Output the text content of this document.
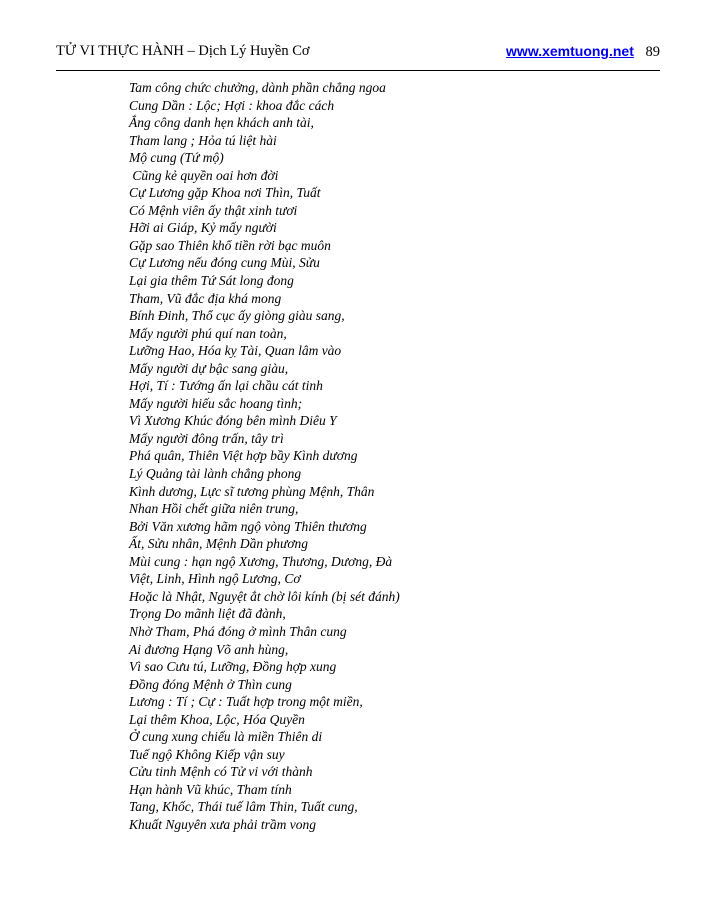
TỬ VI THỰC HÀNH – Dịch Lý Huyền Cơ	www.xemtuong.net 89
Tam công chức chưởng, dành phần chẳng ngoa
Cung Dần : Lộc; Hợi : khoa đắc cách
Ắng công danh hẹn khách anh tài,
Tham lang ; Hỏa tú liệt hài
Mộ cung (Tứ mộ)
Cũng kẻ quyền oai hơn đời
Cự Lương gặp Khoa nơi Thìn, Tuất
Có Mệnh viên ấy thật xinh tươi
Hỡi ai Giáp, Kỷ mấy người
Gặp sao Thiên khổ tiền rời bạc muôn
Cự Lương nếu đóng cung Mùi, Sửu
Lại gia thêm Tứ Sát long đong
Tham, Vũ đắc địa khá mong
Bính Đinh, Thổ cục ấy giòng giàu sang,
Mấy người phú quí nan toàn,
Lưỡng Hao, Hóa kỵ Tài, Quan lâm vào
Mấy người dự bậc sang giàu,
Hợi, Tí : Tướng ấn lại chầu cát tinh
Mấy người hiếu sắc hoang tình;
Vì Xương Khúc đóng bên mình Diêu Y
Mấy người đông trấn, tây trì
Phá quân, Thiên Việt hợp bầy Kình dương
Lý Quảng tài lành chẳng phong
Kình dương, Lực sĩ tương phùng Mệnh, Thân
Nhan Hồi chết giữa niên trung,
Bởi Văn xương hãm ngộ vòng Thiên thương
Ất, Sửu nhân, Mệnh Dần phương
Mùi cung : hạn ngộ Xương, Thương, Dương, Đà
Việt, Linh, Hình ngộ Lương, Cơ
Hoặc là Nhật, Nguyệt ắt chờ lôi kính (bị sét đánh)
Trọng Do mãnh liệt đã đành,
Nhờ Tham, Phá đóng ở mình Thân cung
Ai đương Hạng Võ anh hùng,
Vì sao Cưu tú, Lưỡng, Đồng hợp xung
Đồng đóng Mệnh ở Thìn cung
Lương : Tí ; Cự : Tuất hợp trong một miền,
Lại thêm Khoa, Lộc, Hóa Quyền
Ở cung xung chiếu là miền Thiên di
Tuế ngộ Không Kiếp vận suy
Cửu tinh Mệnh có Tử vi với thành
Hạn hành Vũ khúc, Tham tính
Tang, Khốc, Thái tuế lâm Thin, Tuất cung,
Khuất Nguyên xưa phải trầm vong
